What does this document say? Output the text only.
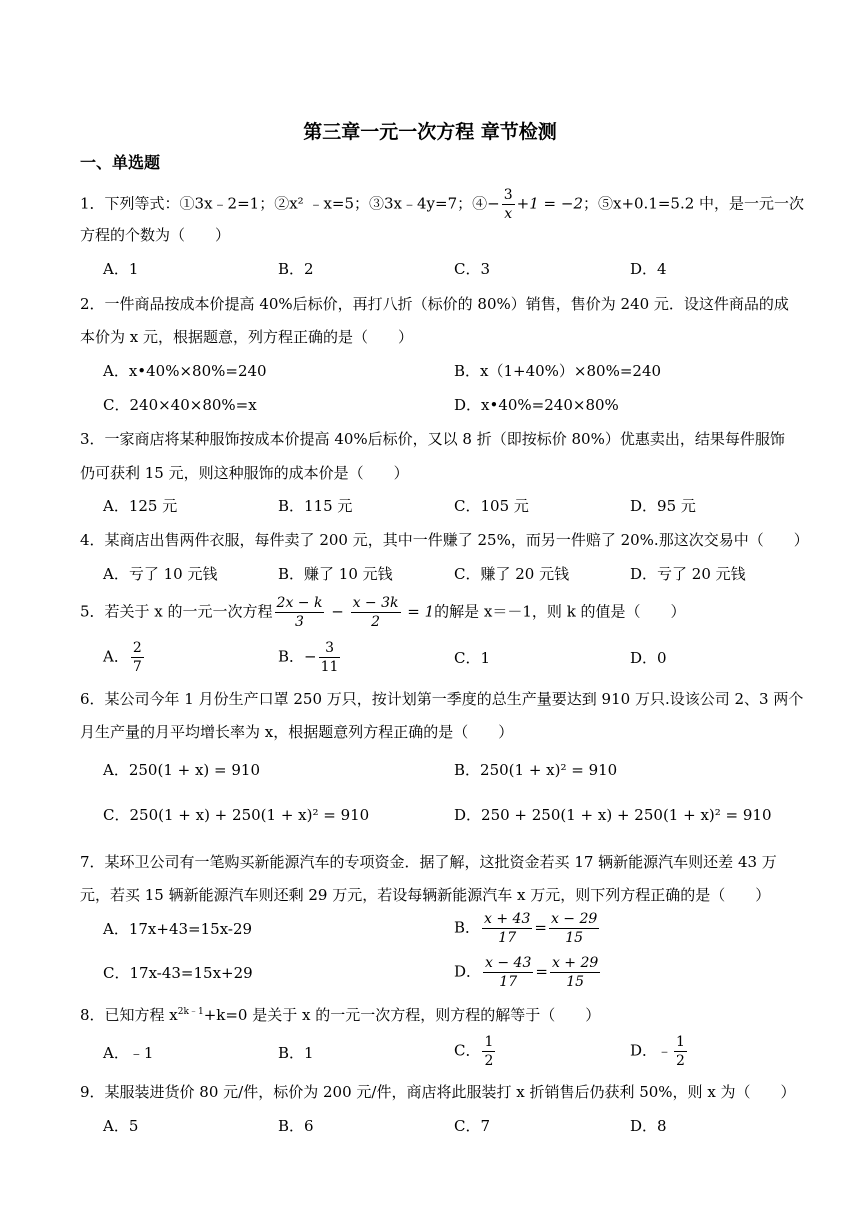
第三章一元一次方程 章节检测
一、单选题
1．下列等式：①3x﹣2=1；②x² ﹣x=5；③3x﹣4y=7；④− $\frac{3}{x} +1 = -2$；⑤x+0.1=5.2 中，是一元一次
方程的个数为（　　）
A．1	B．2	C．3	D．4
2．一件商品按成本价提高 40%后标价，再打八折（标价的 80%）销售，售价为 240 元．设这件商品的成
本价为 x 元，根据题意，列方程正确的是（　　）
A．x•40%×80%=240	B．x（1+40%）×80%=240
C．240×40×80%=x	D．x•40%=240×80%
3．一家商店将某种服饰按成本价提高 40%后标价，又以 8 折（即按标价 80%）优惠卖出，结果每件服饰
仍可获利 15 元，则这种服饰的成本价是（　　）
A．125 元	B．115 元	C．105 元	D．95 元
4．某商店出售两件衣服，每件卖了 200 元，其中一件赚了 25%，而另一件赔了 20%.那这次交易中（　　）
A．亏了 10 元钱	B．赚了 10 元钱	C．赚了 20 元钱	D．亏了 20 元钱
5．若关于 x 的一元一次方程 $\frac{2x - k}{3} - \frac{x - 3k}{2} = 1$的解是 x＝－1，则 k 的值是（　　）
A． $\frac{2}{7}$	B．− $\frac{3}{11}$	C．1	D．0
6．某公司今年 1 月份生产口罩 250 万只，按计划第一季度的总生产量要达到 910 万只.设该公司 2、3 两个
月生产量的月平均增长率为 x，根据题意列方程正确的是（　　）
A．250(1 + x) = 910	B．250(1 + x)² = 910
C．250(1 + x) + 250(1 + x)² = 910	D．250 + 250(1 + x) + 250(1 + x)² = 910
7．某环卫公司有一笔购买新能源汽车的专项资金．据了解，这批资金若买 17 辆新能源汽车则还差 43 万
元，若买 15 辆新能源汽车则还剩 29 万元，若设每辆新能源汽车 x 万元，则下列方程正确的是（　　）
A．17x+43=15x-29	B． $\frac{x + 43}{17} = \frac{x - 29}{15}$
C．17x-43=15x+29	D． $\frac{x - 43}{17} = \frac{x + 29}{15}$
8．已知方程 $x^{2k﹣1}+k=0$ 是关于 x 的一元一次方程，则方程的解等于（　　）
A．﹣1	B．1	C． $\frac{1}{2}$	D．﹣ $\frac{1}{2}$
9．某服装进货价 80 元/件，标价为 200 元/件，商店将此服装打 x 折销售后仍获利 50%，则 x 为（　　）
A．5	B．6	C．7	D．8
